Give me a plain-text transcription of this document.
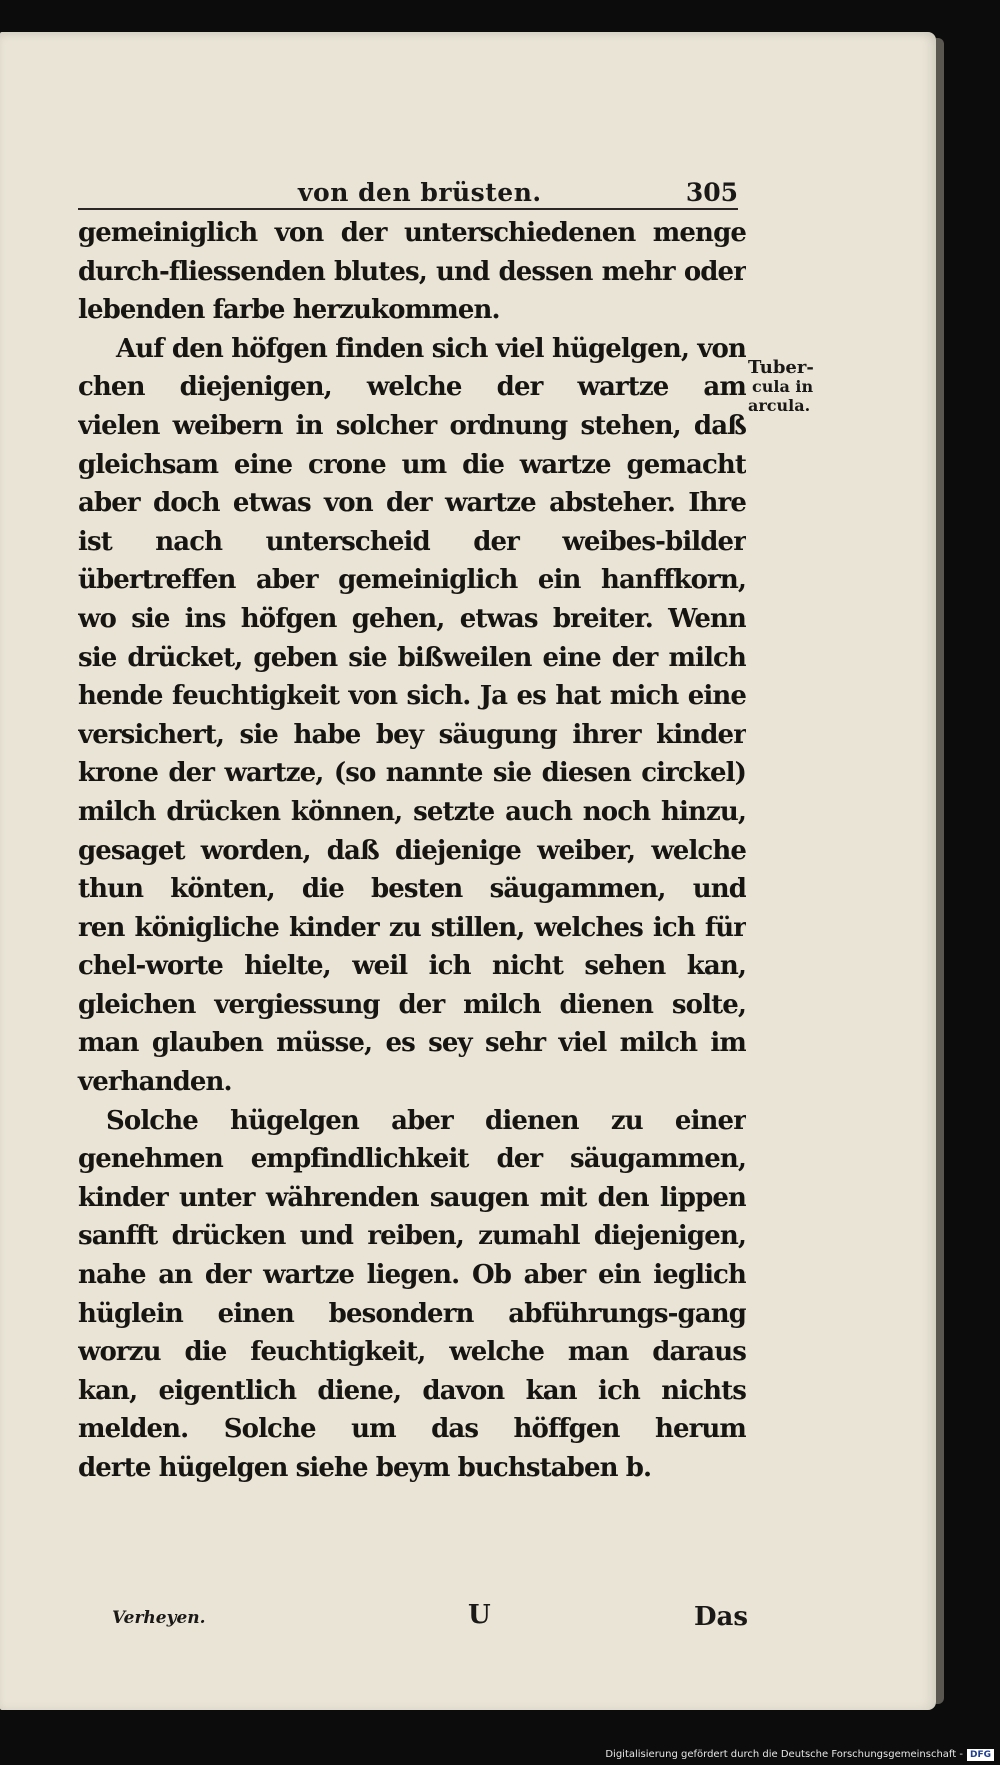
von den brüsten.	305
gemeiniglich von der unterschiedenen menge
durch-fliessenden blutes, und dessen mehr oder
lebenden farbe herzukommen.
Auf den höfgen finden sich viel hügelgen, von
chen diejenigen, welche der wartze am
vielen weibern in solcher ordnung stehen, daß
gleichsam eine crone um die wartze gemacht
aber doch etwas von der wartze absteher. Ihre
ist nach unterscheid der weibes-bilder
übertreffen aber gemeiniglich ein hanffkorn,
wo sie ins höfgen gehen, etwas breiter. Wenn
sie drücket, geben sie bißweilen eine der milch
hende feuchtigkeit von sich. Ja es hat mich eine
versichert, sie habe bey säugung ihrer kinder
krone der wartze, (so nannte sie diesen circkel)
milch drücken können, setzte auch noch hinzu,
gesaget worden, daß diejenige weiber, welche
thun könten, die besten säugammen, und
ren königliche kinder zu stillen, welches ich für
chel-worte hielte, weil ich nicht sehen kan,
gleichen vergiessung der milch dienen solte,
man glauben müsse, es sey sehr viel milch im
verhanden.
Solche hügelgen aber dienen zu einer
genehmen empfindlichkeit der säugammen,
kinder unter währenden saugen mit den lippen
sanfft drücken und reiben, zumahl diejenigen,
nahe an der wartze liegen. Ob aber ein ieglich
hüglein einen besondern abführungs-gang
worzu die feuchtigkeit, welche man daraus
kan, eigentlich diene, davon kan ich nichts
melden. Solche um das höffgen herum
derte hügelgen siehe beym buchstaben b.
Tuber-
cula in
arcula.
Verheyen.	U	Das
Digitalisierung gefördert durch die Deutsche Forschungsgemeinschaft - DFG
